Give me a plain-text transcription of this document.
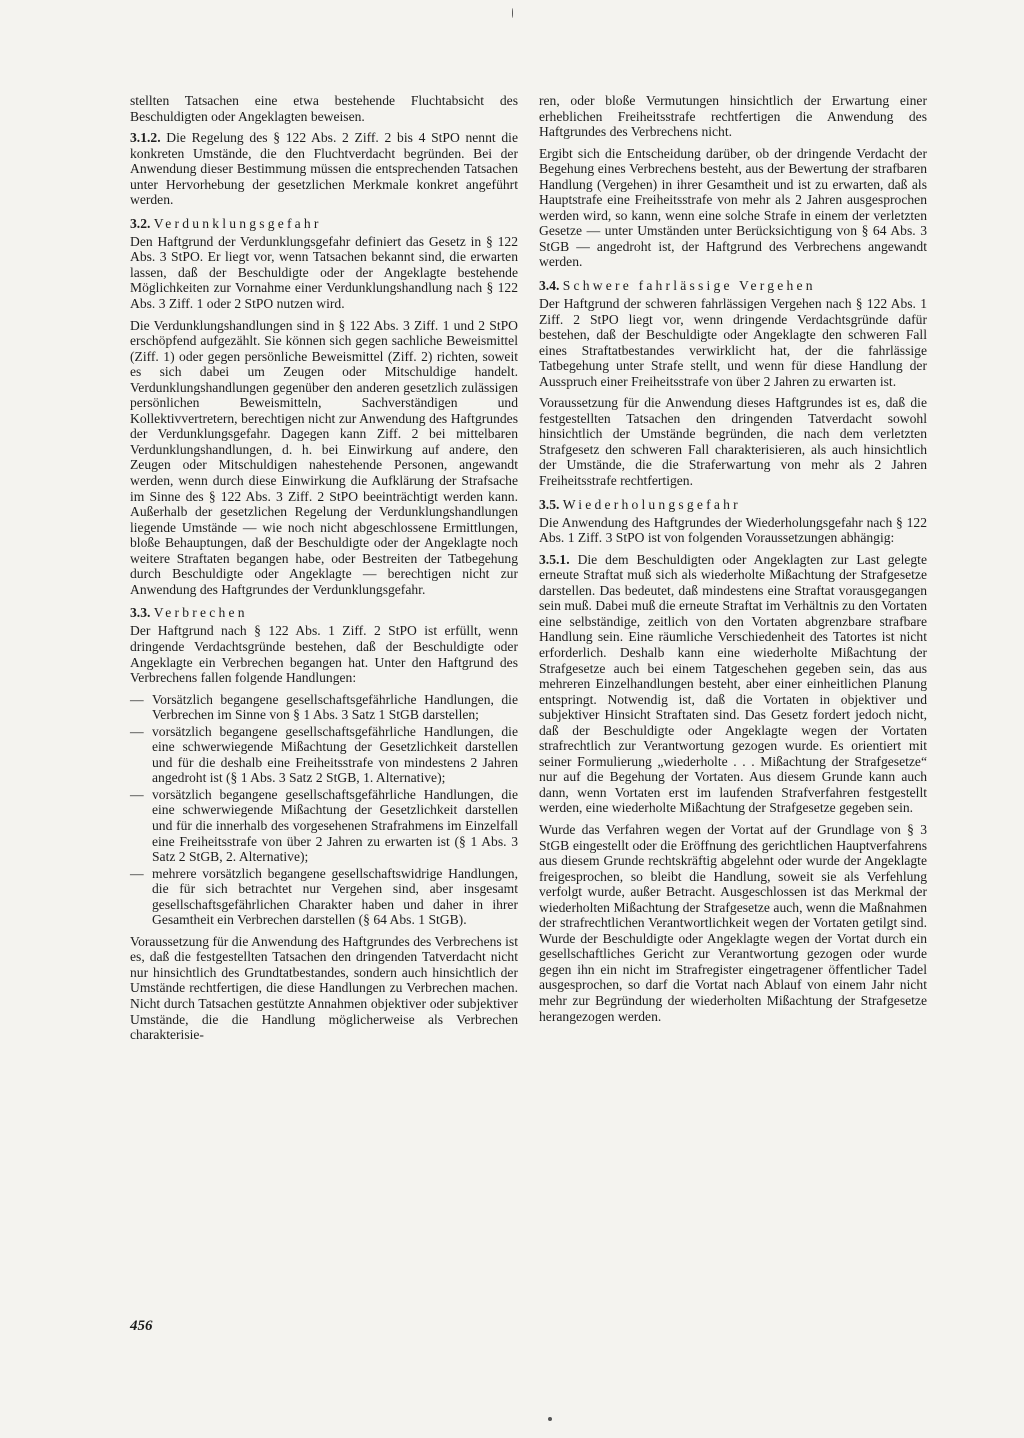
stellten Tatsachen eine etwa bestehende Fluchtabsicht des Beschuldigten oder Angeklagten beweisen.

3.1.2. Die Regelung des § 122 Abs. 2 Ziff. 2 bis 4 StPO nennt die konkreten Umstände, die den Fluchtverdacht begründen. Bei der Anwendung dieser Bestimmung müssen die entsprechenden Tatsachen unter Hervorhebung der gesetzlichen Merkmale konkret angeführt werden.

3.2. Verdunklungsgefahr

Den Haftgrund der Verdunklungsgefahr definiert das Gesetz in § 122 Abs. 3 StPO. Er liegt vor, wenn Tatsachen bekannt sind, die erwarten lassen, daß der Beschuldigte oder der Angeklagte bestehende Möglichkeiten zur Vornahme einer Verdunklungshandlung nach § 122 Abs. 3 Ziff. 1 oder 2 StPO nutzen wird.

Die Verdunklungshandlungen sind in § 122 Abs. 3 Ziff. 1 und 2 StPO erschöpfend aufgezählt. Sie können sich gegen sachliche Beweismittel (Ziff. 1) oder gegen persönliche Beweismittel (Ziff. 2) richten, soweit es sich dabei um Zeugen oder Mitschuldige handelt. Verdunklungshandlungen gegenüber den anderen gesetzlich zulässigen persönlichen Beweismitteln, Sachverständigen und Kollektivvertretern, berechtigen nicht zur Anwendung des Haftgrundes der Verdunklungsgefahr. Dagegen kann Ziff. 2 bei mittelbaren Verdunklungshandlungen, d. h. bei Einwirkung auf andere, den Zeugen oder Mitschuldigen nahestehende Personen, angewandt werden, wenn durch diese Einwirkung die Aufklärung der Strafsache im Sinne des § 122 Abs. 3 Ziff. 2 StPO beeinträchtigt werden kann. Außerhalb der gesetzlichen Regelung der Verdunklungshandlungen liegende Umstände — wie noch nicht abgeschlossene Ermittlungen, bloße Behauptungen, daß der Beschuldigte oder der Angeklagte noch weitere Straftaten begangen habe, oder Bestreiten der Tatbegehung durch Beschuldigte oder Angeklagte — berechtigen nicht zur Anwendung des Haftgrundes der Verdunklungsgefahr.

3.3. Verbrechen

Der Haftgrund nach § 122 Abs. 1 Ziff. 2 StPO ist erfüllt, wenn dringende Verdachtsgründe bestehen, daß der Beschuldigte oder Angeklagte ein Verbrechen begangen hat. Unter den Haftgrund des Verbrechens fallen folgende Handlungen:

— Vorsätzlich begangene gesellschaftsgefährliche Handlungen, die Verbrechen im Sinne von § 1 Abs. 3 Satz 1 StGB darstellen;
— vorsätzlich begangene gesellschaftsgefährliche Handlungen, die eine schwerwiegende Mißachtung der Gesetzlichkeit darstellen und für die deshalb eine Freiheitsstrafe von mindestens 2 Jahren angedroht ist (§ 1 Abs. 3 Satz 2 StGB, 1. Alternative);
— vorsätzlich begangene gesellschaftsgefährliche Handlungen, die eine schwerwiegende Mißachtung der Gesetzlichkeit darstellen und für die innerhalb des vorgesehenen Strafrahmens im Einzelfall eine Freiheitsstrafe von über 2 Jahren zu erwarten ist (§ 1 Abs. 3 Satz 2 StGB, 2. Alternative);
— mehrere vorsätzlich begangene gesellschaftswidrige Handlungen, die für sich betrachtet nur Vergehen sind, aber insgesamt gesellschaftsgefährlichen Charakter haben und daher in ihrer Gesamtheit ein Verbrechen darstellen (§ 64 Abs. 1 StGB).

Voraussetzung für die Anwendung des Haftgrundes des Verbrechens ist es, daß die festgestellten Tatsachen den dringenden Tatverdacht nicht nur hinsichtlich des Grundtatbestandes, sondern auch hinsichtlich der Umstände rechtfertigen, die diese Handlungen zu Verbrechen machen. Nicht durch Tatsachen gestützte Annahmen objektiver oder subjektiver Umstände, die die Handlung möglicherweise als Verbrechen charakterisie-

ren, oder bloße Vermutungen hinsichtlich der Erwartung einer erheblichen Freiheitsstrafe rechtfertigen die Anwendung des Haftgrundes des Verbrechens nicht.

Ergibt sich die Entscheidung darüber, ob der dringende Verdacht der Begehung eines Verbrechens besteht, aus der Bewertung der strafbaren Handlung (Vergehen) in ihrer Gesamtheit und ist zu erwarten, daß als Hauptstrafe eine Freiheitsstrafe von mehr als 2 Jahren ausgesprochen werden wird, so kann, wenn eine solche Strafe in einem der verletzten Gesetze — unter Umständen unter Berücksichtigung von § 64 Abs. 3 StGB — angedroht ist, der Haftgrund des Verbrechens angewandt werden.

3.4. Schwere fahrlässige Vergehen

Der Haftgrund der schweren fahrlässigen Vergehen nach § 122 Abs. 1 Ziff. 2 StPO liegt vor, wenn dringende Verdachtsgründe dafür bestehen, daß der Beschuldigte oder Angeklagte den schweren Fall eines Straftatbestandes verwirklicht hat, der die fahrlässige Tatbegehung unter Strafe stellt, und wenn für diese Handlung der Ausspruch einer Freiheitsstrafe von über 2 Jahren zu erwarten ist.

Voraussetzung für die Anwendung dieses Haftgrundes ist es, daß die festgestellten Tatsachen den dringenden Tatverdacht sowohl hinsichtlich der Umstände begründen, die nach dem verletzten Strafgesetz den schweren Fall charakterisieren, als auch hinsichtlich der Umstände, die die Straferwartung von mehr als 2 Jahren Freiheitsstrafe rechtfertigen.

3.5. Wiederholungsgefahr

Die Anwendung des Haftgrundes der Wiederholungsgefahr nach § 122 Abs. 1 Ziff. 3 StPO ist von folgenden Voraussetzungen abhängig:

3.5.1. Die dem Beschuldigten oder Angeklagten zur Last gelegte erneute Straftat muß sich als wiederholte Mißachtung der Strafgesetze darstellen. Das bedeutet, daß mindestens eine Straftat vorausgegangen sein muß. Dabei muß die erneute Straftat im Verhältnis zu den Vortaten eine selbständige, zeitlich von den Vortaten abgrenzbare strafbare Handlung sein. Eine räumliche Verschiedenheit des Tatortes ist nicht erforderlich. Deshalb kann eine wiederholte Mißachtung der Strafgesetze auch bei einem Tatgeschehen gegeben sein, das aus mehreren Einzelhandlungen besteht, aber einer einheitlichen Planung entspringt. Notwendig ist, daß die Vortaten in objektiver und subjektiver Hinsicht Straftaten sind. Das Gesetz fordert jedoch nicht, daß der Beschuldigte oder Angeklagte wegen der Vortaten strafrechtlich zur Verantwortung gezogen wurde. Es orientiert mit seiner Formulierung „wiederholte . . . Mißachtung der Strafgesetze“ nur auf die Begehung der Vortaten. Aus diesem Grunde kann auch dann, wenn Vortaten erst im laufenden Strafverfahren festgestellt werden, eine wiederholte Mißachtung der Strafgesetze gegeben sein.

Wurde das Verfahren wegen der Vortat auf der Grundlage von § 3 StGB eingestellt oder die Eröffnung des gerichtlichen Hauptverfahrens aus diesem Grunde rechtskräftig abgelehnt oder wurde der Angeklagte freigesprochen, so bleibt die Handlung, soweit sie als Verfehlung verfolgt wurde, außer Betracht. Ausgeschlossen ist das Merkmal der wiederholten Mißachtung der Strafgesetze auch, wenn die Maßnahmen der strafrechtlichen Verantwortlichkeit wegen der Vortaten getilgt sind. Wurde der Beschuldigte oder Angeklagte wegen der Vortat durch ein gesellschaftliches Gericht zur Verantwortung gezogen oder wurde gegen ihn ein nicht im Strafregister eingetragener öffentlicher Tadel ausgesprochen, so darf die Vortat nach Ablauf von einem Jahr nicht mehr zur Begründung der wiederholten Mißachtung der Strafgesetze herangezogen werden.

456
